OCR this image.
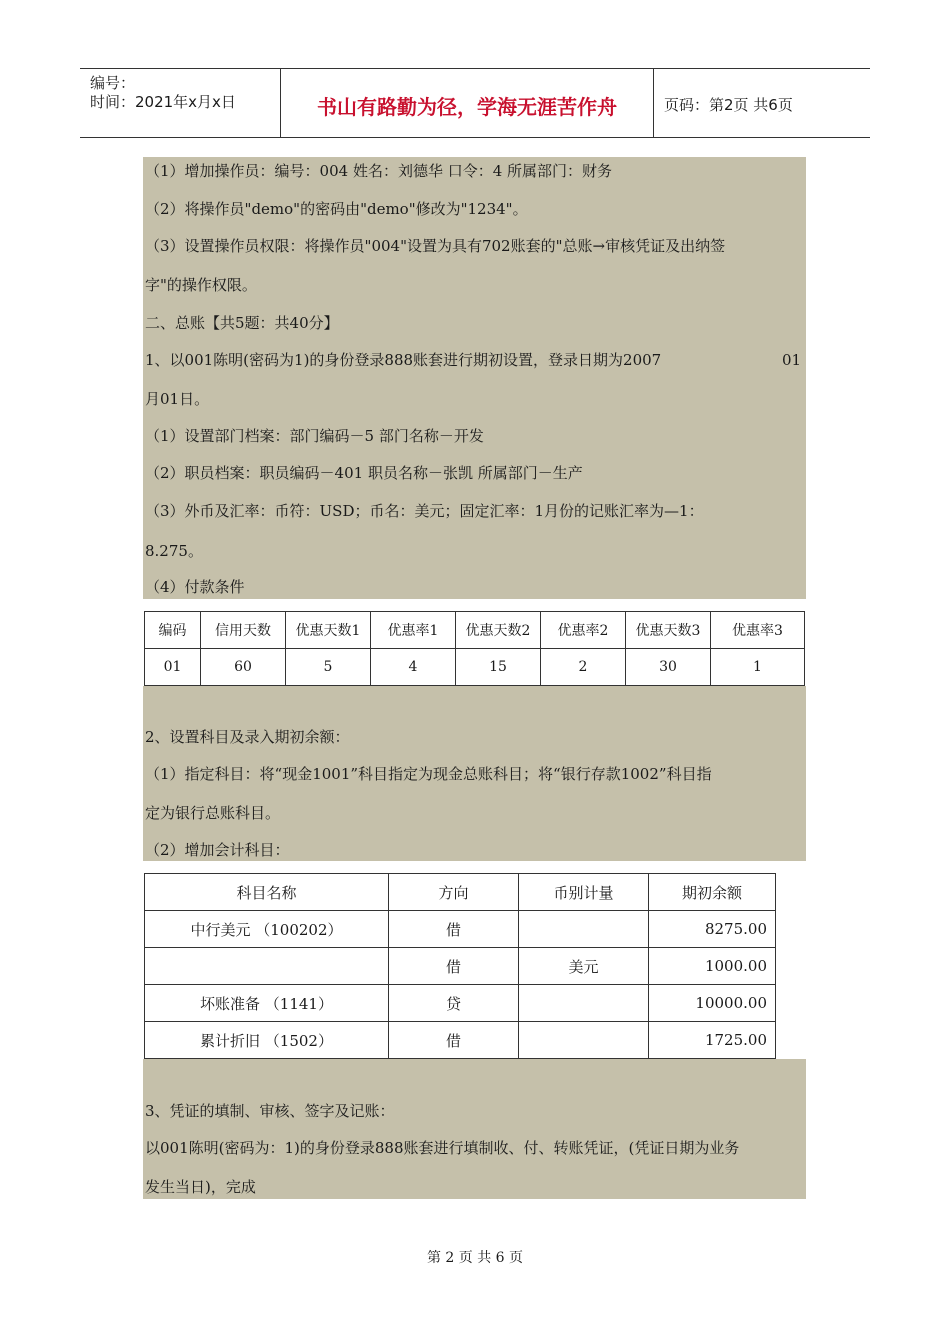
编号：
时间：2021年x月x日	书山有路勤为径，学海无涯苦作舟	页码：第2页 共6页
（1）增加操作员：编号：004 姓名：刘德华 口令：4 所属部门：财务
（2）将操作员"demo"的密码由"demo"修改为"1234"。
（3）设置操作员权限：将操作员"004"设置为具有702账套的"总账→审核凭证及出纳签
字"的操作权限。
二、总账【共5题：共40分】
1、以001陈明(密码为1)的身份登录888账套进行期初设置，登录日期为2007	01
月01日。
（1）设置部门档案：部门编码－5 部门名称－开发
（2）职员档案：职员编码－401 职员名称－张凯 所属部门－生产
（3）外币及汇率：币符：USD；币名：美元；固定汇率：1月份的记账汇率为—1：
8.275。
（4）付款条件
编码	信用天数	优惠天数1	优惠率1	优惠天数2	优惠率2	优惠天数3	优惠率3
01	60	5	4	15	2	30	1
2、设置科目及录入期初余额：
（1）指定科目：将“现金1001”科目指定为现金总账科目；将“银行存款1002”科目指
定为银行总账科目。
（2）增加会计科目：
科目名称	方向	币别计量	期初余额
中行美元 （100202）	借		8275.00
	借	美元	1000.00
坏账准备 （1141）	贷		10000.00
累计折旧 （1502）	借		1725.00
3、凭证的填制、审核、签字及记账：
以001陈明(密码为：1)的身份登录888账套进行填制收、付、转账凭证，(凭证日期为业务
发生当日)，完成
第 2 页 共 6 页
